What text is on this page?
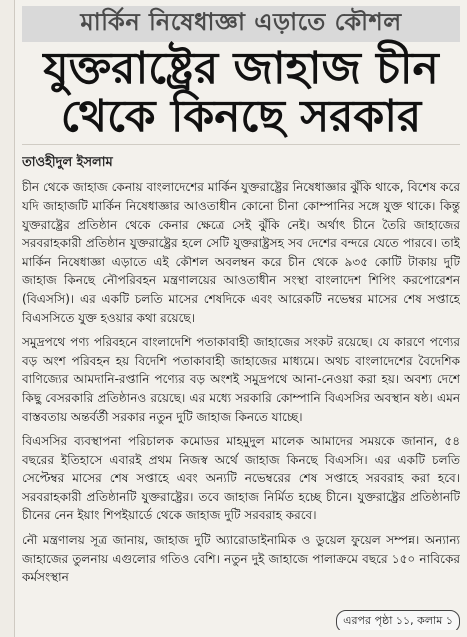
মার্কিন নিষেধাজ্ঞা এড়াতে কৌশল
যুক্তরাষ্ট্রের জাহাজ চীন
থেকে কিনছে সরকার
তাওহীদুল ইসলাম

চীন থেকে জাহাজ কেনায় বাংলাদেশের মার্কিন যুক্তরাষ্ট্রের নিষেধাজ্ঞার ঝুঁকি থাকে, বিশেষ করে যদি জাহাজটি মার্কিন নিষেধাজ্ঞার আওতাধীন কোনো চীনা কোম্পানির সঙ্গে যুক্ত থাকে। কিন্তু যুক্তরাষ্ট্রের প্রতিষ্ঠান থেকে কেনার ক্ষেত্রে সেই ঝুঁকি নেই। অর্থাৎ চীনে তৈরি জাহাজের সরবরাহকারী প্রতিষ্ঠান যুক্তরাষ্ট্রের হলে সেটি যুক্তরাষ্ট্রসহ সব দেশের বন্দরে যেতে পারবে। তাই মার্কিন নিষেধাজ্ঞা এড়াতে এই কৌশল অবলম্বন করে চীন থেকে ৯৩৫ কোটি টাকায় দুটি জাহাজ কিনছে নৌপরিবহন মন্ত্রণালয়ের আওতাধীন সংস্থা বাংলাদেশ শিপিং করপোরেশন (বিএসসি)। এর একটি চলতি মাসের শেষদিকে এবং আরেকটি নভেম্বর মাসের শেষ সপ্তাহে বিএসসিতে যুক্ত হওয়ার কথা রয়েছে।

সমুদ্রপথে পণ্য পরিবহনে বাংলাদেশি পতাকাবাহী জাহাজের সংকট রয়েছে। যে কারণে পণ্যের বড় অংশ পরিবহন হয় বিদেশি পতাকাবাহী জাহাজের মাধ্যমে। অথচ বাংলাদেশের বৈদেশিক বাণিজ্যের আমদানি-রপ্তানি পণ্যের বড় অংশই সমুদ্রপথে আনা-নেওয়া করা হয়। অবশ্য দেশে কিছু বেসরকারি প্রতিষ্ঠানও রয়েছে। এর মধ্যে সরকারি কোম্পানি বিএসসির অবস্থান ষষ্ঠ। এমন বাস্তবতায় অন্তর্বর্তী সরকার নতুন দুটি জাহাজ কিনতে যাচ্ছে।

বিএসসির ব্যবস্থাপনা পরিচালক কমোডর মাহমুদুল মালেক আমাদের সময়কে জানান, ৫৪ বছরের ইতিহাসে এবারই প্রথম নিজস্ব অর্থে জাহাজ কিনছে বিএসসি। এর একটি চলতি সেপ্টেম্বর মাসের শেষ সপ্তাহে এবং অন্যটি নভেম্বরের শেষ সপ্তাহে সরবরাহ করা হবে। সরবরাহকারী প্রতিষ্ঠানটি যুক্তরাষ্ট্রের। তবে জাহাজ নির্মিত হচ্ছে চীনে। যুক্তরাষ্ট্রের প্রতিষ্ঠানটি চীনের নেন ইয়াং শিপইয়ার্ডে থেকে জাহাজ দুটি সরবরাহ করবে।

নৌ মন্ত্রণালয় সূত্র জানায়, জাহাজ দুটি অ্যারোডাইনামিক ও ডুয়েল ফুয়েল সম্পন্ন। অন্যান্য জাহাজের তুলনায় এগুলোর গতিও বেশি। নতুন দুই জাহাজে পালাক্রমে বছরে ১৫০ নাবিকের কর্মসংস্থান

এরপর পৃষ্ঠা ১১, কলাম ১
